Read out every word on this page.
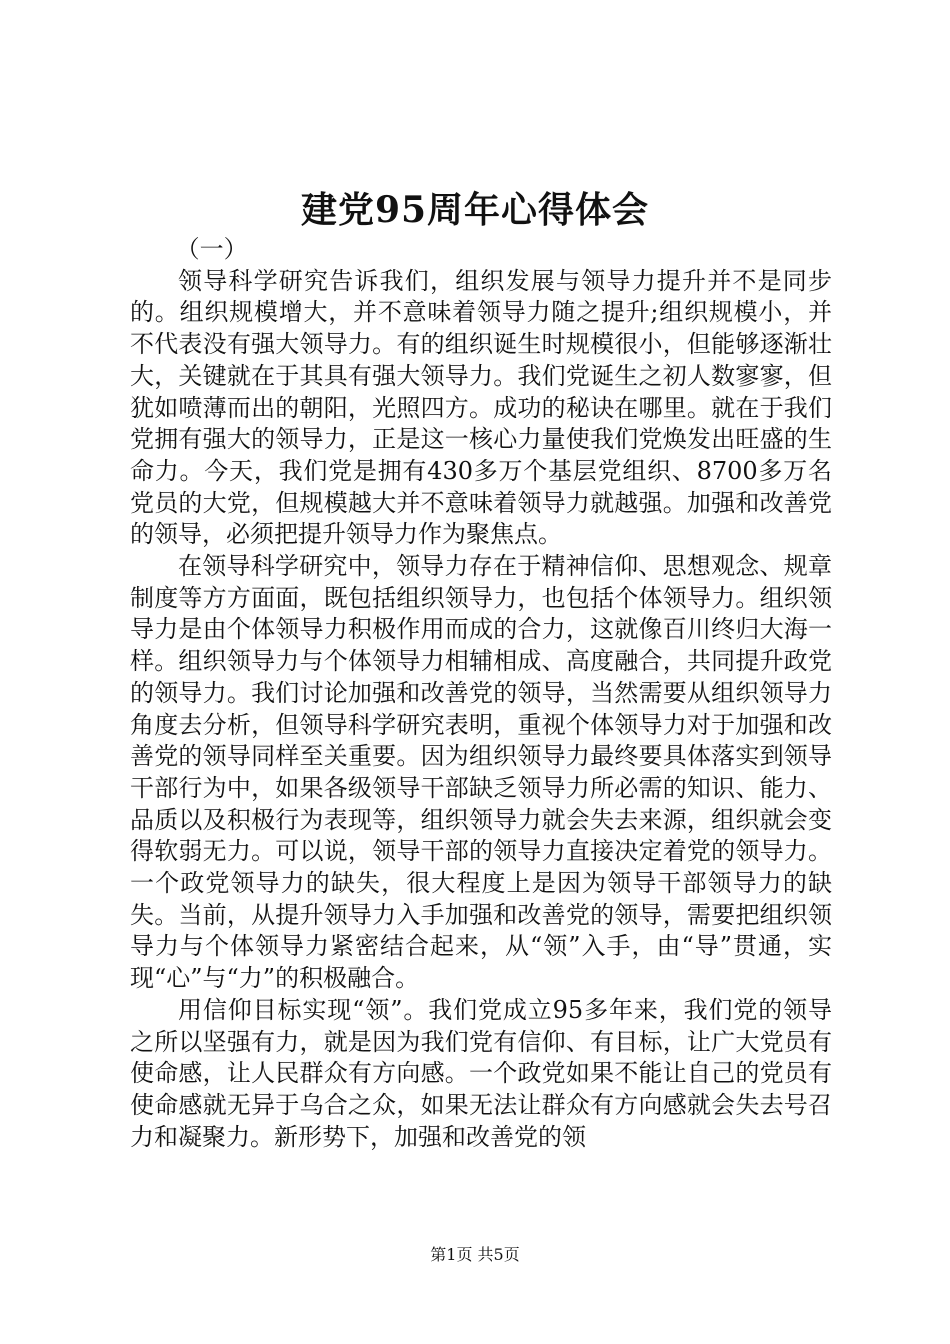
建党95周年心得体会

（一）

领导科学研究告诉我们，组织发展与领导力提升并不是同步的。组织规模增大，并不意味着领导力随之提升;组织规模小，并不代表没有强大领导力。有的组织诞生时规模很小，但能够逐渐壮大，关键就在于其具有强大领导力。我们党诞生之初人数寥寥，但犹如喷薄而出的朝阳，光照四方。成功的秘诀在哪里。就在于我们党拥有强大的领导力，正是这一核心力量使我们党焕发出旺盛的生命力。今天，我们党是拥有430多万个基层党组织、8700多万名党员的大党，但规模越大并不意味着领导力就越强。加强和改善党的领导，必须把提升领导力作为聚焦点。

在领导科学研究中，领导力存在于精神信仰、思想观念、规章制度等方方面面，既包括组织领导力，也包括个体领导力。组织领导力是由个体领导力积极作用而成的合力，这就像百川终归大海一样。组织领导力与个体领导力相辅相成、高度融合，共同提升政党的领导力。我们讨论加强和改善党的领导，当然需要从组织领导力角度去分析，但领导科学研究表明，重视个体领导力对于加强和改善党的领导同样至关重要。因为组织领导力最终要具体落实到领导干部行为中，如果各级领导干部缺乏领导力所必需的知识、能力、品质以及积极行为表现等，组织领导力就会失去来源，组织就会变得软弱无力。可以说，领导干部的领导力直接决定着党的领导力。一个政党领导力的缺失，很大程度上是因为领导干部领导力的缺失。当前，从提升领导力入手加强和改善党的领导，需要把组织领导力与个体领导力紧密结合起来，从“领”入手，由“导”贯通，实现“心”与“力”的积极融合。

用信仰目标实现“领”。我们党成立95多年来，我们党的领导之所以坚强有力，就是因为我们党有信仰、有目标，让广大党员有使命感，让人民群众有方向感。一个政党如果不能让自己的党员有使命感就无异于乌合之众，如果无法让群众有方向感就会失去号召力和凝聚力。新形势下，加强和改善党的领

第1页 共5页
